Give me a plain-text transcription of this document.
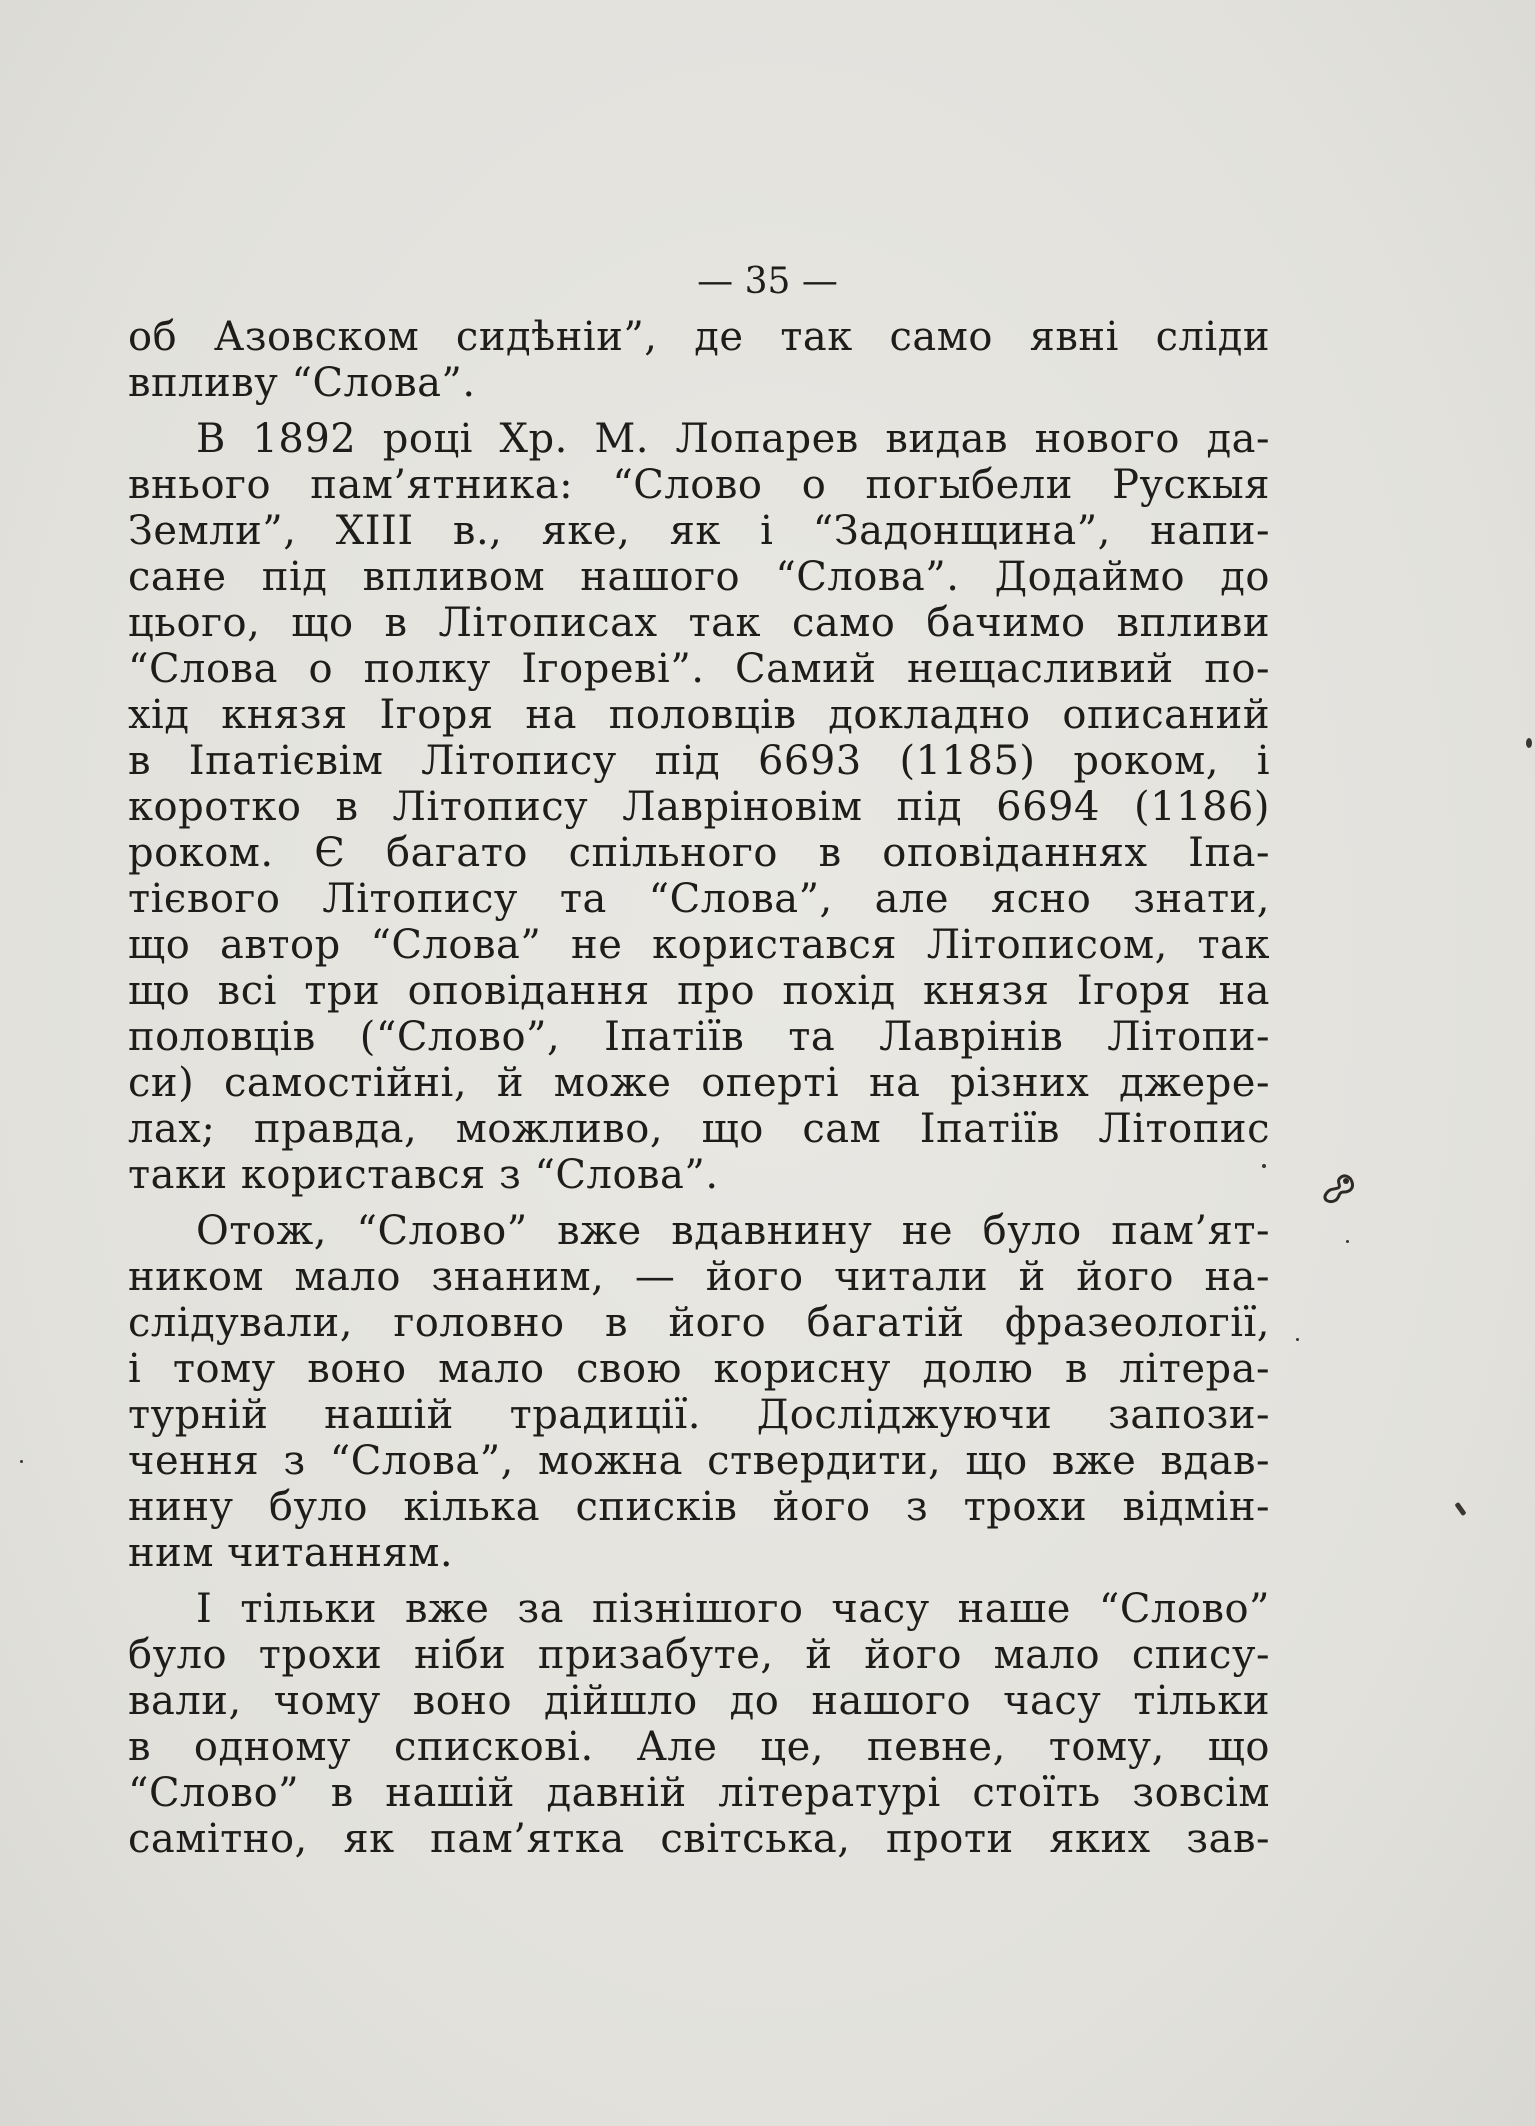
— 35 —
об Азовском сидѣніи”, де так само явні сліди
впливу “Слова”.
В 1892 році Хр. М. Лопарев видав нового да-
внього пам’ятника: “Слово о погыбели Рускыя
Земли”, XIII в., яке, як і “Задонщина”, напи-
сане під впливом нашого “Слова”. Додаймо до
цього, що в Літописах так само бачимо впливи
“Слова о полку Ігореві”. Самий нещасливий по-
хід князя Ігоря на половців докладно описаний
в Іпатієвім Літопису під 6693 (1185) роком, і
коротко в Літопису Лавріновім під 6694 (1186)
роком. Є багато спільного в оповіданнях Іпа-
тієвого Літопису та “Слова”, але ясно знати,
що автор “Слова” не користався Літописом, так
що всі три оповідання про похід князя Ігоря на
половців (“Слово”, Іпатіїв та Лаврінів Літопи-
си) самостійні, й може оперті на різних джере-
лах; правда, можливо, що сам Іпатіїв Літопис
таки користався з “Слова”.
Отож, “Слово” вже вдавнину не було пам’ят-
ником мало знаним, — його читали й його на-
слідували, головно в його багатій фразеології,
і тому воно мало свою корисну долю в літера-
турній нашій традиції. Досліджуючи запози-
чення з “Слова”, можна ствердити, що вже вдав-
нину було кілька списків його з трохи відмін-
ним читанням.
І тільки вже за пізнішого часу наше “Слово”
було трохи ніби призабуте, й його мало спису-
вали, чому воно дійшло до нашого часу тільки
в одному спискові. Але це, певне, тому, що
“Слово” в нашій давній літературі стоїть зовсім
самітно, як пам’ятка світська, проти яких зав-
